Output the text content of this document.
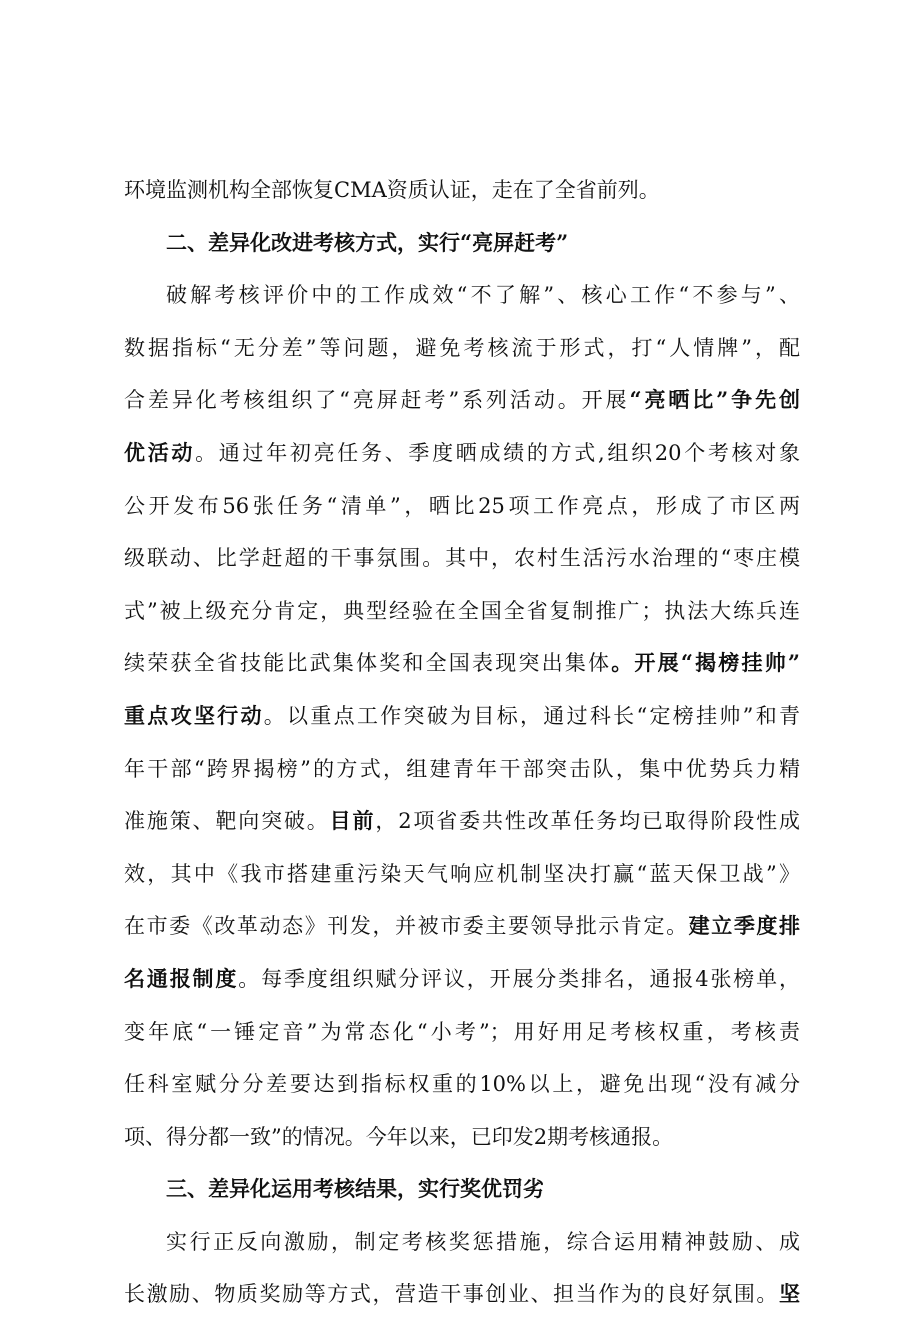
环境监测机构全部恢复CMA资质认证，走在了全省前列。
二、差异化改进考核方式，实行“亮屏赶考”
破解考核评价中的工作成效“不了解”、核心工作“不参与”、
数据指标“无分差”等问题，避免考核流于形式，打“人情牌”，配
合差异化考核组织了“亮屏赶考”系列活动。开展“亮晒比”争先创
优活动。通过年初亮任务、季度晒成绩的方式,组织20个考核对象
公开发布56张任务“清单”，晒比25项工作亮点，形成了市区两
级联动、比学赶超的干事氛围。其中，农村生活污水治理的“枣庄模
式”被上级充分肯定，典型经验在全国全省复制推广；执法大练兵连
续荣获全省技能比武集体奖和全国表现突出集体。开展“揭榜挂帅”
重点攻坚行动。以重点工作突破为目标，通过科长“定榜挂帅”和青
年干部“跨界揭榜”的方式，组建青年干部突击队，集中优势兵力精
准施策、靶向突破。目前，2项省委共性改革任务均已取得阶段性成
效，其中《我市搭建重污染天气响应机制坚决打赢“蓝天保卫战”》
在市委《改革动态》刊发，并被市委主要领导批示肯定。建立季度排
名通报制度。每季度组织赋分评议，开展分类排名，通报4张榜单，
变年底“一锤定音”为常态化“小考”；用好用足考核权重，考核责
任科室赋分分差要达到指标权重的10%以上，避免出现“没有减分
项、得分都一致”的情况。今年以来，已印发2期考核通报。
三、差异化运用考核结果，实行奖优罚劣
实行正反向激励，制定考核奖惩措施，综合运用精神鼓励、成
长激励、物质奖励等方式，营造干事创业、担当作为的良好氛围。坚
